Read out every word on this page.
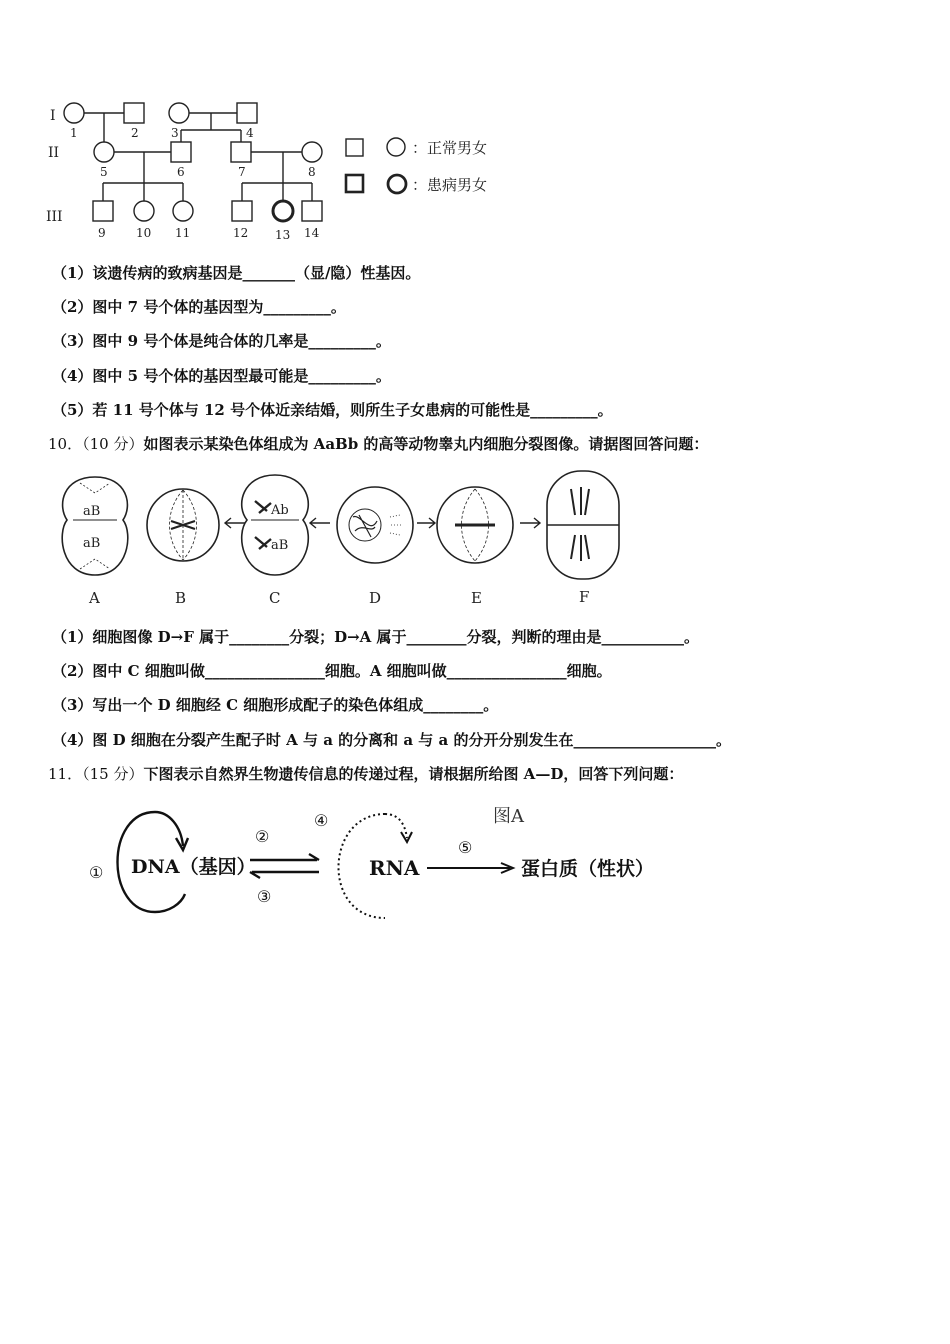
I
II
III
1	2	3	4
5	6	7	8
9	10 11	12 13 14
：正常男女
：患病男女
（1）该遗传病的致病基因是_______（显/隐）性基因。
（2）图中 7 号个体的基因型为_________。
（3）图中 9 号个体是纯合体的几率是_________。
（4）图中 5 号个体的基因型最可能是_________。
（5）若 11 号个体与 12 号个体近亲结婚，则所生子女患病的可能性是_________。
10．（10 分）如图表示某染色体组成为 AaBb 的高等动物睾丸内细胞分裂图像。请据图回答问题：
aB
aB
Ab
aB
A	B	C	D	E	F
（1）细胞图像 D→F 属于________分裂；D→A 属于________分裂，判断的理由是___________。
（2）图中 C 细胞叫做________________细胞。A 细胞叫做________________细胞。
（3）写出一个 D 细胞经 C 细胞形成配子的染色体组成________。
（4）图 D 细胞在分裂产生配子时 A 与 a 的分离和 a 与 a 的分开分别发生在___________________。
11．（15 分）下图表示自然界生物遗传信息的传递过程，请根据所给图 A—D，回答下列问题：
图A
① DNA（基因）
②
③
④
RNA
⑤
蛋白质（性状）
